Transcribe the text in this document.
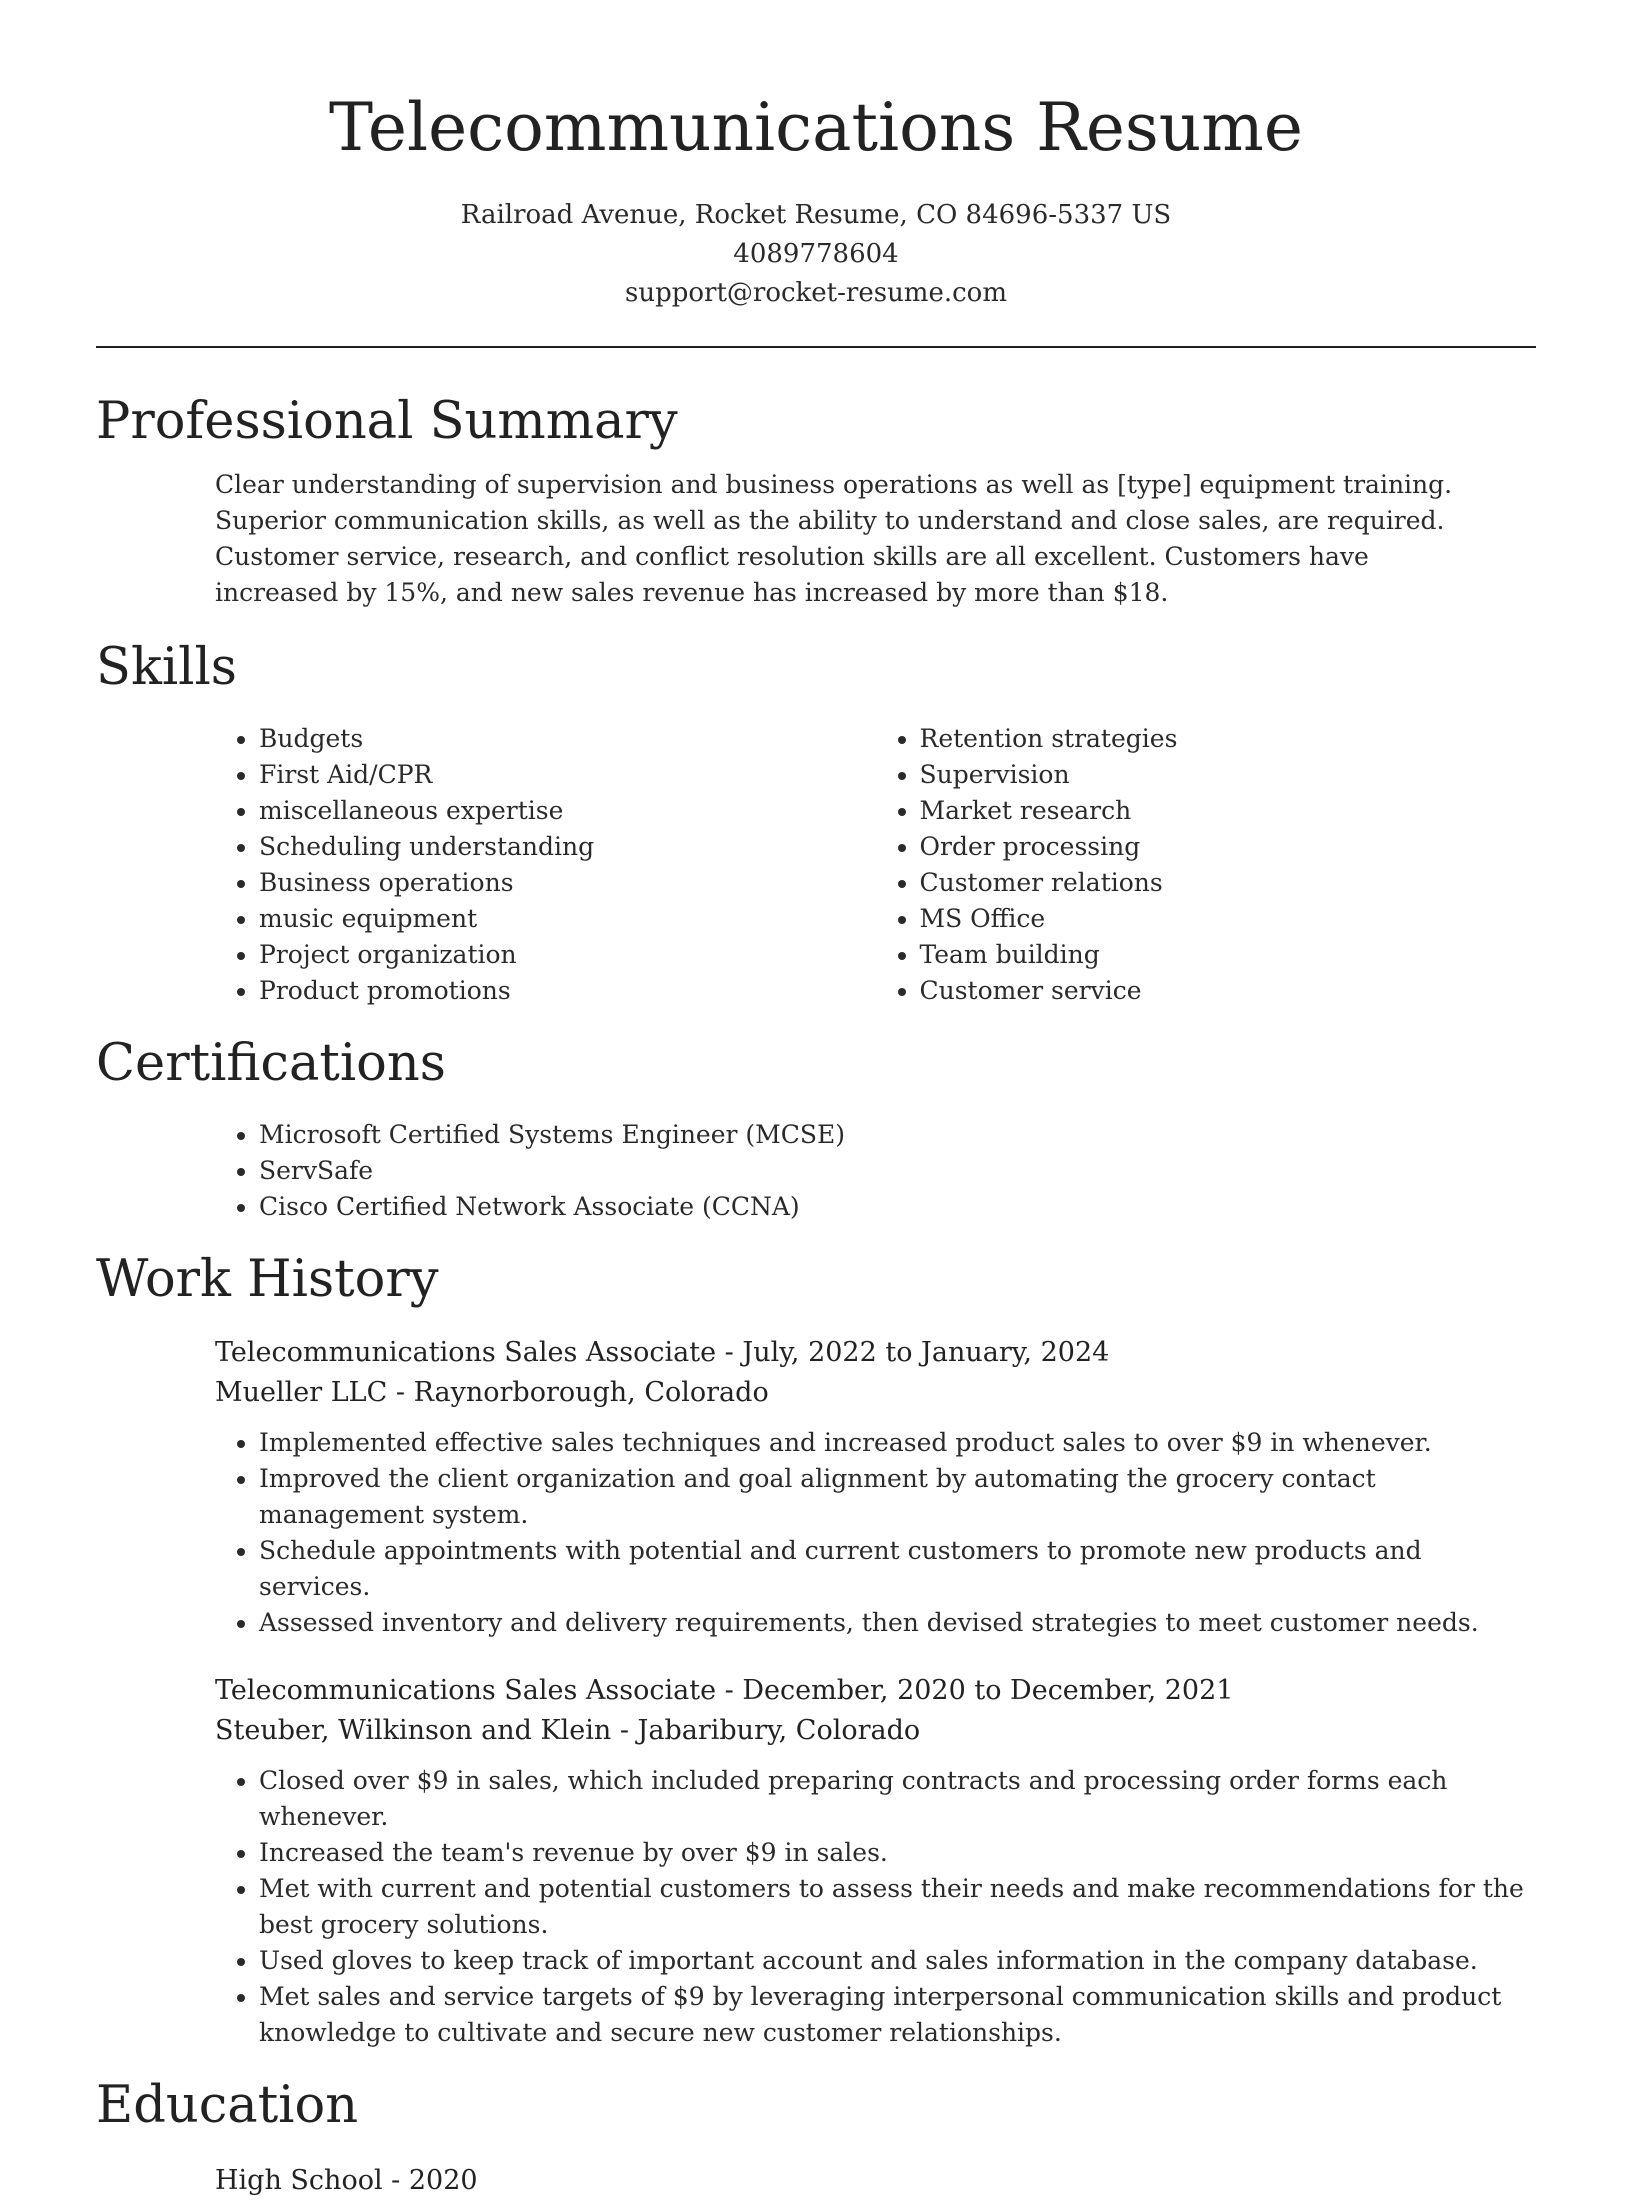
Telecommunications Resume
Railroad Avenue, Rocket Resume, CO 84696-5337 US
4089778604
support@rocket-resume.com
Professional Summary

Clear understanding of supervision and business operations as well as [type] equipment training. Superior communication skills, as well as the ability to understand and close sales, are required. Customer service, research, and conflict resolution skills are all excellent. Customers have increased by 15%, and new sales revenue has increased by more than $18.

Skills
• Budgets
• First Aid/CPR
• miscellaneous expertise
• Scheduling understanding
• Business operations
• music equipment
• Project organization
• Product promotions
• Retention strategies
• Supervision
• Market research
• Order processing
• Customer relations
• MS Office
• Team building
• Customer service
Certifications
• Microsoft Certified Systems Engineer (MCSE)
• ServSafe
• Cisco Certified Network Associate (CCNA)
Work History
Telecommunications Sales Associate - July, 2022 to January, 2024
Mueller LLC - Raynorborough, Colorado
• Implemented effective sales techniques and increased product sales to over $9 in whenever.
• Improved the client organization and goal alignment by automating the grocery contact management system.
• Schedule appointments with potential and current customers to promote new products and services.
• Assessed inventory and delivery requirements, then devised strategies to meet customer needs.
Telecommunications Sales Associate - December, 2020 to December, 2021
Steuber, Wilkinson and Klein - Jabaribury, Colorado
• Closed over $9 in sales, which included preparing contracts and processing order forms each whenever.
• Increased the team's revenue by over $9 in sales.
• Met with current and potential customers to assess their needs and make recommendations for the best grocery solutions.
• Used gloves to keep track of important account and sales information in the company database.
• Met sales and service targets of $9 by leveraging interpersonal communication skills and product knowledge to cultivate and secure new customer relationships.
Education
High School - 2020
